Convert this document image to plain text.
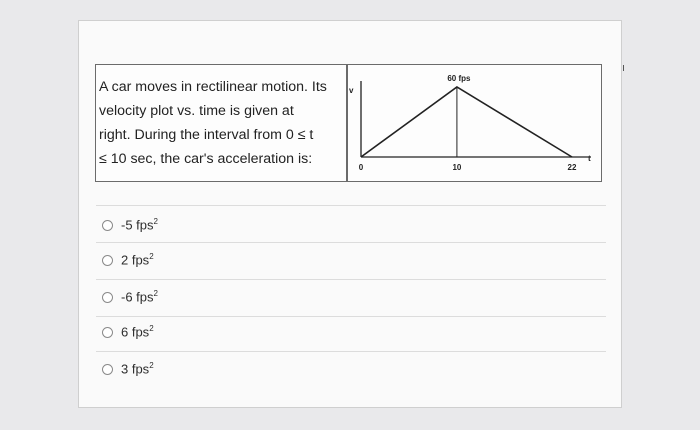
A car moves in rectilinear motion. Its
velocity plot vs. time is given at
right. During the interval from 0 ≤ t
≤ 10 sec, the car's acceleration is:
v
t
60 fps
0	10	22
-5 fps$^2$
2 fps$^2$
-6 fps$^2$
6 fps$^2$
3 fps$^2$
